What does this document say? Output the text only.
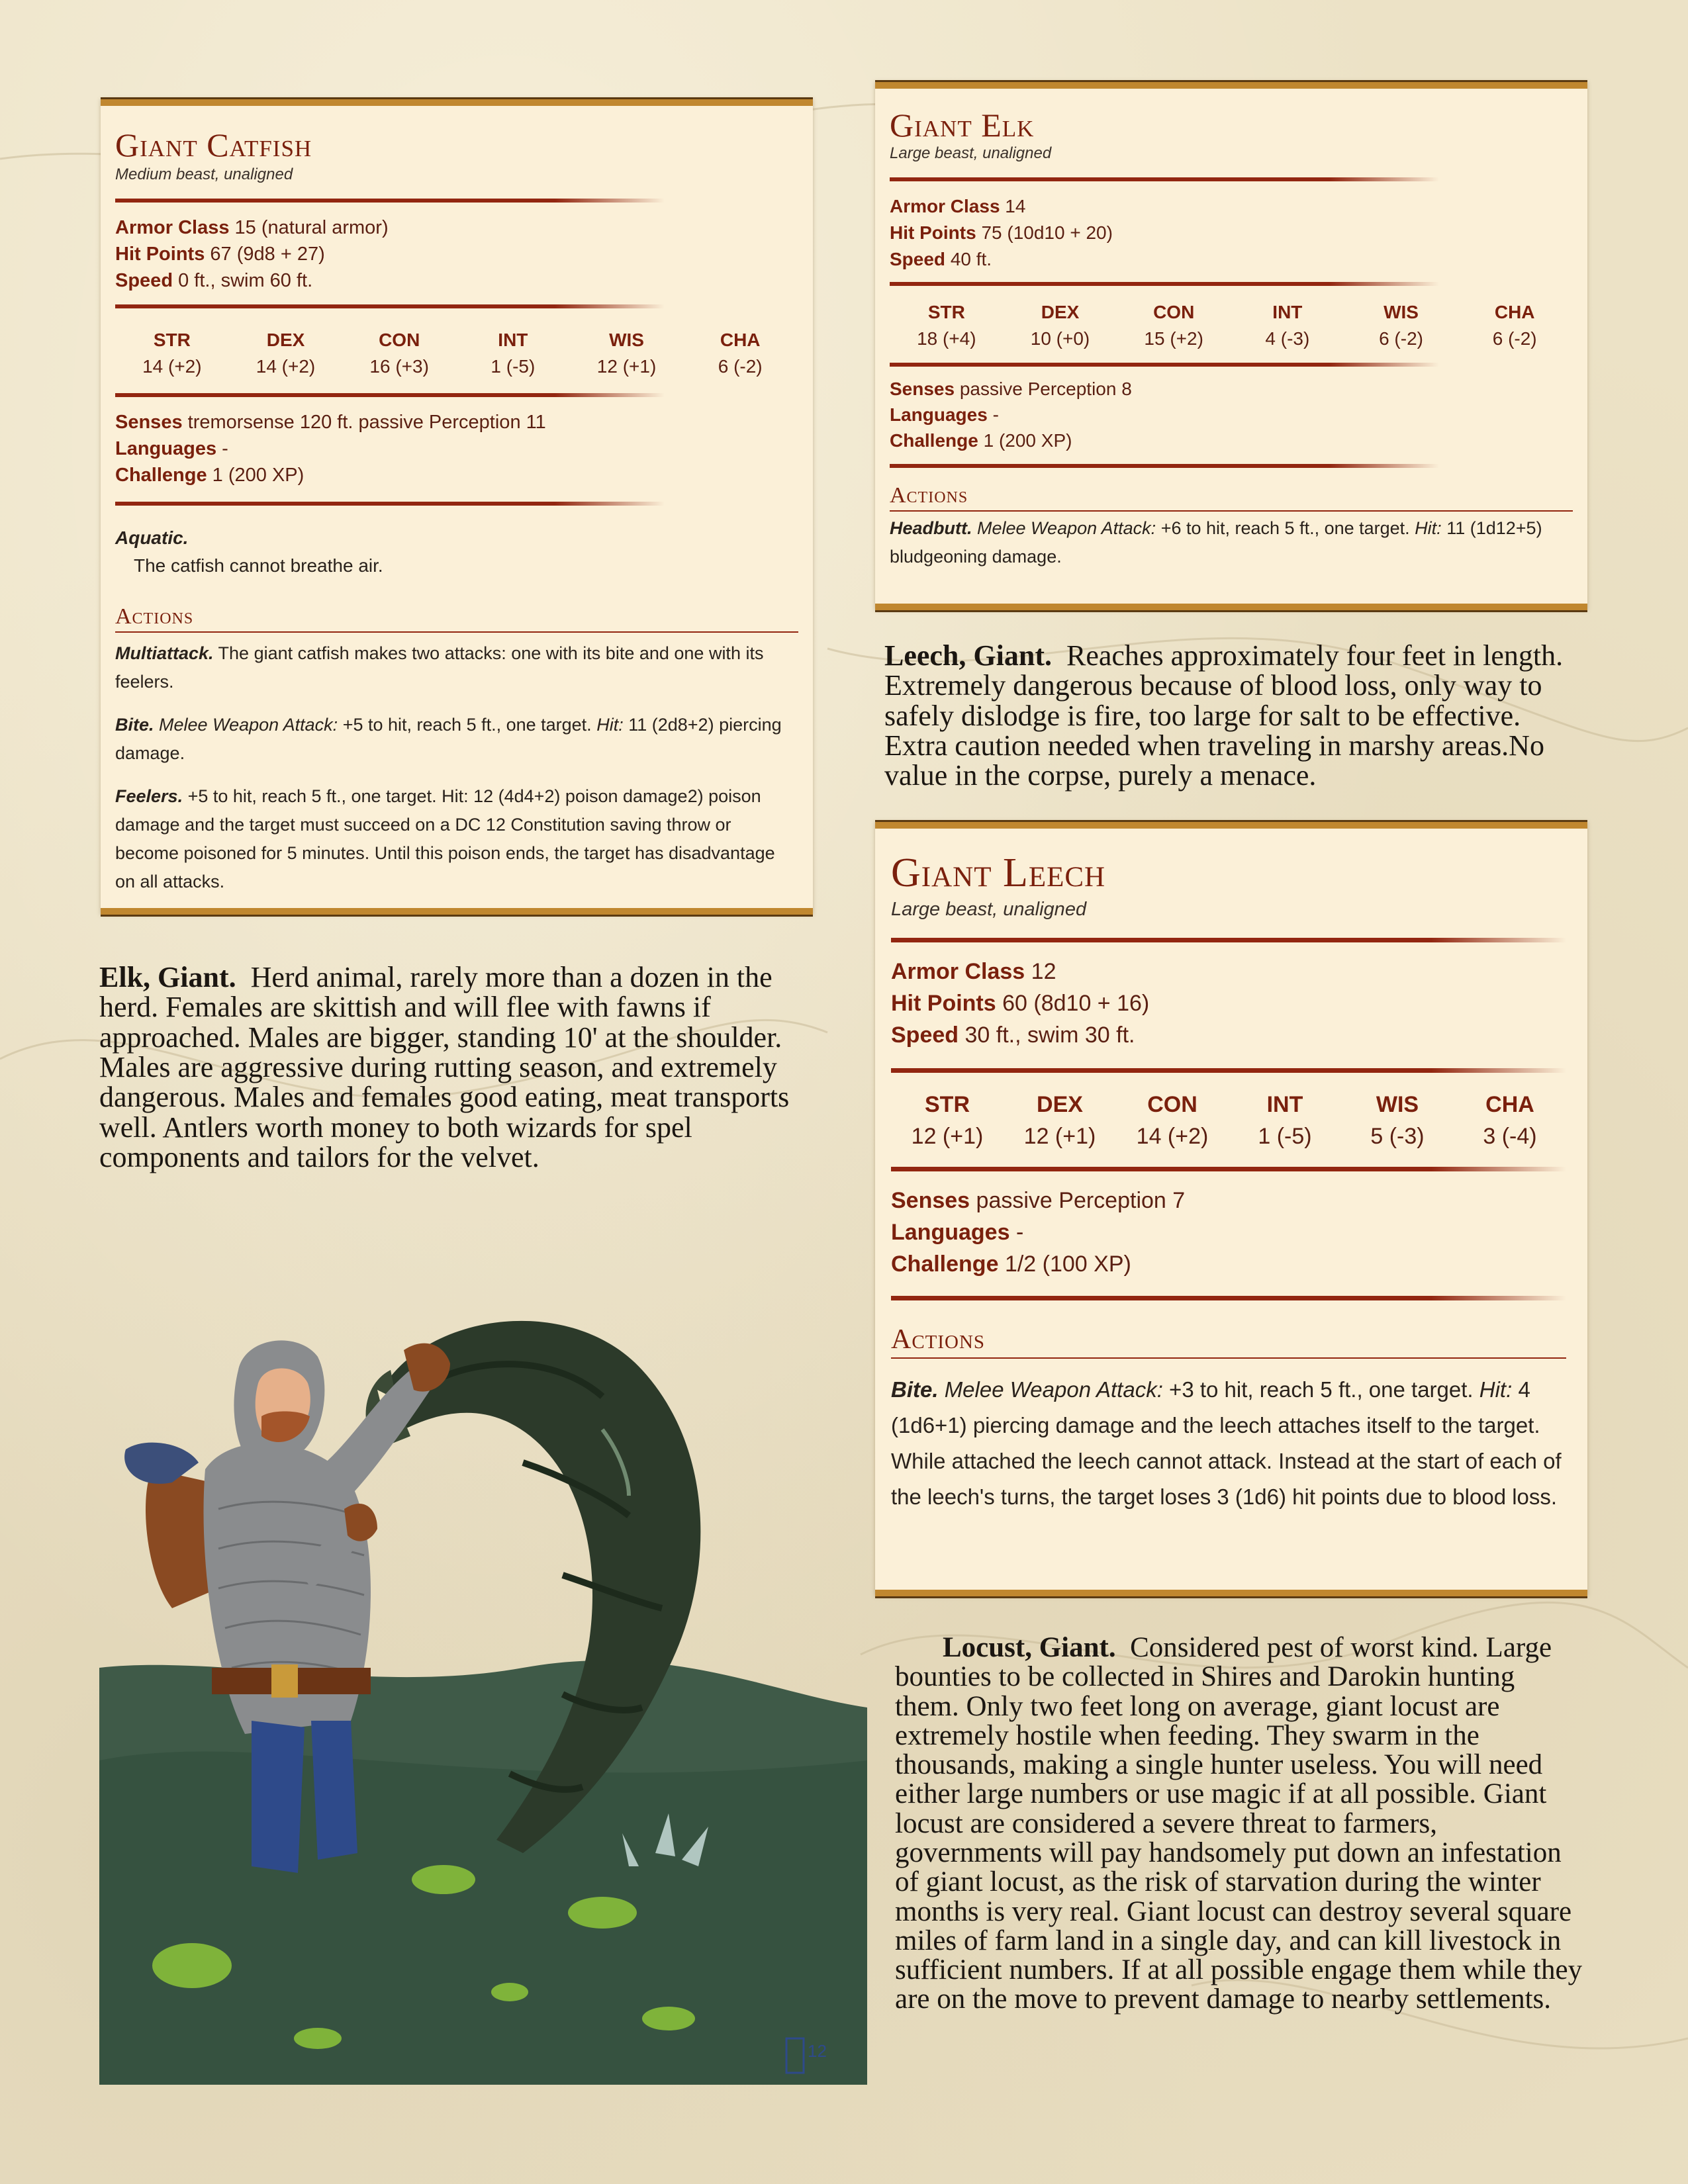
Giant Catfish
Medium beast, unaligned
Armor Class 15 (natural armor)
Hit Points 67 (9d8 + 27)
Speed 0 ft., swim 60 ft.
STR
14 (+2)
DEX
14 (+2)
CON
16 (+3)
INT
1 (-5)
WIS
12 (+1)
CHA
6 (-2)
Senses tremorsense 120 ft. passive Perception 11
Languages -
Challenge 1 (200 XP)
Aquatic.
The catfish cannot breathe air.
Actions
Multiattack. The giant catfish makes two attacks: one with its bite and one with its feelers.
Bite. Melee Weapon Attack: +5 to hit, reach 5 ft., one target. Hit: 11 (2d8+2) piercing damage.
Feelers. +5 to hit, reach 5 ft., one target. Hit: 12 (4d4+2) poison damage2) poison damage and the target must succeed on a DC 12 Constitution saving throw or become poisoned for 5 minutes. Until this poison ends, the target has disadvantage on all attacks.
Giant Elk
Large beast, unaligned
Armor Class 14
Hit Points 75 (10d10 + 20)
Speed 40 ft.
STR
18 (+4)
DEX
10 (+0)
CON
15 (+2)
INT
4 (-3)
WIS
6 (-2)
CHA
6 (-2)
Senses passive Perception 8
Languages -
Challenge 1 (200 XP)
Actions
Headbutt. Melee Weapon Attack: +6 to hit, reach 5 ft., one target. Hit: 11 (1d12+5) bludgeoning damage.
Leech, Giant. Reaches approximately four feet in length. Extremely dangerous because of blood loss, only way to safely dislodge is fire, too large for salt to be effective. Extra caution needed when traveling in marshy areas.No value in the corpse, purely a menace.
Giant Leech
Large beast, unaligned
Armor Class 12
Hit Points 60 (8d10 + 16)
Speed 30 ft., swim 30 ft.
STR
12 (+1)
DEX
12 (+1)
CON
14 (+2)
INT
1 (-5)
WIS
5 (-3)
CHA
3 (-4)
Senses passive Perception 7
Languages -
Challenge 1/2 (100 XP)
Actions
Bite. Melee Weapon Attack: +3 to hit, reach 5 ft., one target. Hit: 4 (1d6+1) piercing damage and the leech attaches itself to the target. While attached the leech cannot attack. Instead at the start of each of the leech's turns, the target loses 3 (1d6) hit points due to blood loss.
Elk, Giant. Herd animal, rarely more than a dozen in the herd. Females are skittish and will flee with fawns if approached. Males are bigger, standing 10' at the shoulder. Males are aggressive during rutting season, and extremely dangerous. Males and females good eating, meat transports well. Antlers worth money to both wizards for spel components and tailors for the velvet.
Locust, Giant. Considered pest of worst kind. Large bounties to be collected in Shires and Darokin hunting them. Only two feet long on average, giant locust are extremely hostile when feeding. They swarm in the thousands, making a single hunter useless. You will need either large numbers or use magic if at all possible. Giant locust are considered a severe threat to farmers, governments will pay handsomely put down an infestation of giant locust, as the risk of starvation during the winter months is very real. Giant locust can destroy several square miles of farm land in a single day, and can kill livestock in sufficient numbers. If at all possible engage them while they are on the move to prevent damage to nearby settlements.
12
